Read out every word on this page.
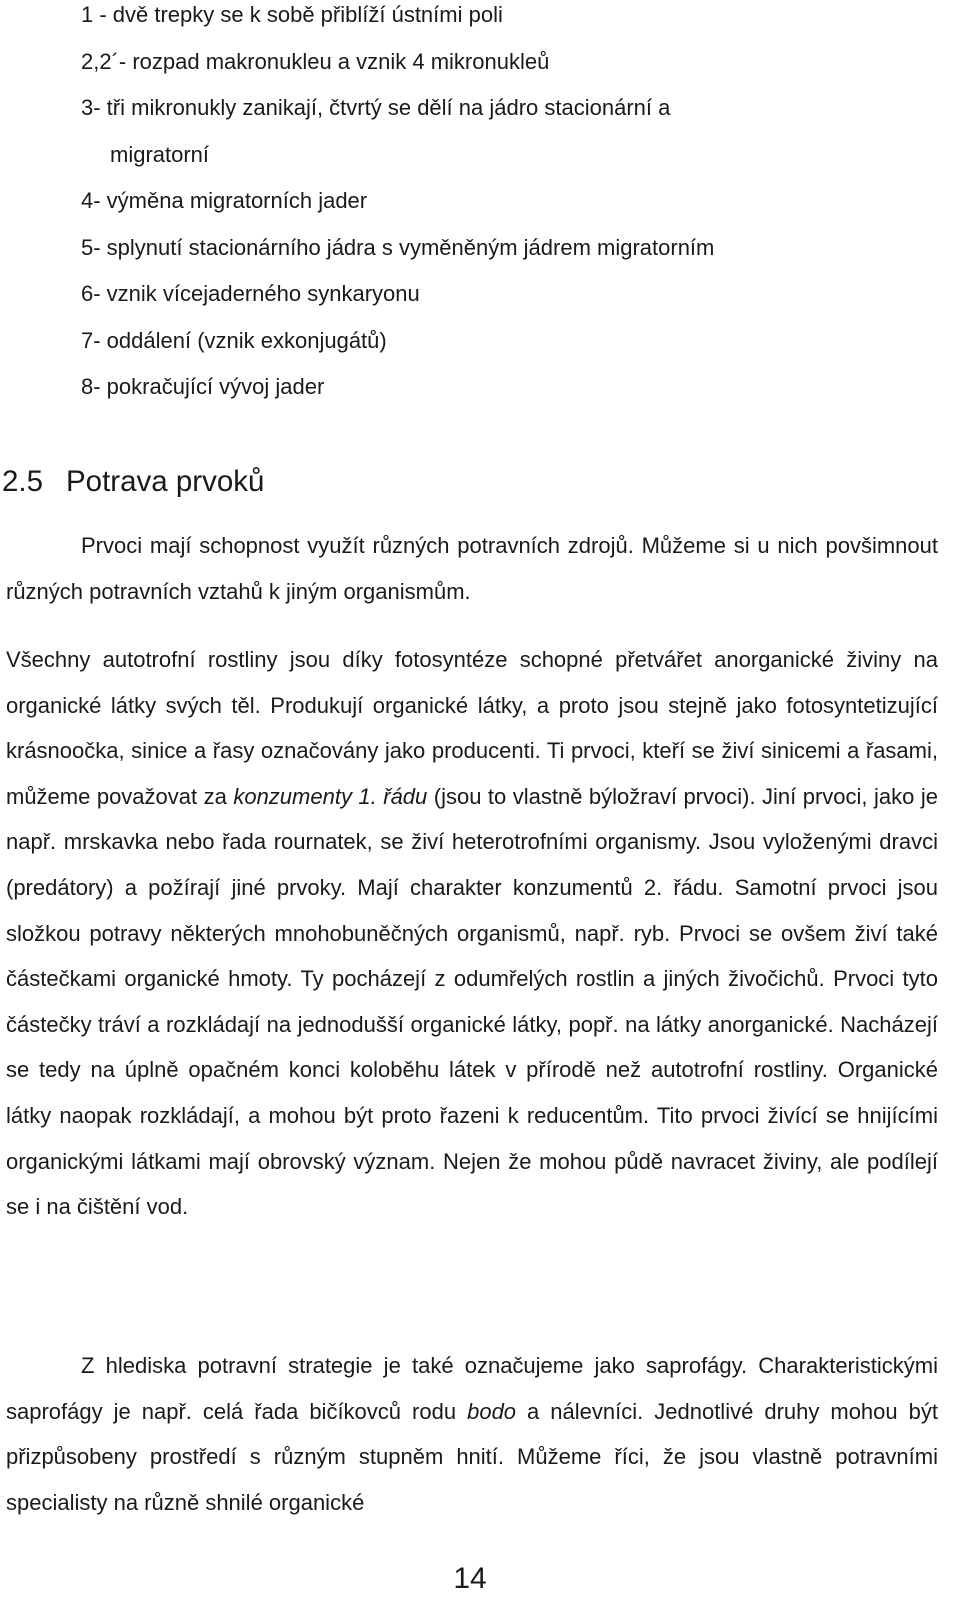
1 - dvě trepky se k sobě přiblíží ústními poli
2,2´- rozpad makronukleu a vznik 4 mikronukleů
3- tři mikronukly zanikají, čtvrtý se dělí na jádro stacionární a
migratorní
4- výměna migratorních jader
5- splynutí stacionárního jádra s vyměněným jádrem migratorním
6- vznik vícejaderného synkaryonu
7- oddálení (vznik exkonjugátů)
8- pokračující vývoj jader
2.5 Potrava prvoků

Prvoci mají schopnost využít různých potravních zdrojů. Můžeme si u nich povšimnout různých potravních vztahů k jiným organismům.

Všechny autotrofní rostliny jsou díky fotosyntéze schopné přetvářet anorganické živiny na organické látky svých těl. Produkují organické látky, a proto jsou stejně jako fotosyntetizující krásnoočka, sinice a řasy označovány jako producenti. Ti prvoci, kteří se živí sinicemi a řasami, můžeme považovat za konzumenty 1. řádu (jsou to vlastně býložraví prvoci). Jiní prvoci, jako je např. mrskavka nebo řada rournatek, se živí heterotrofními organismy. Jsou vyloženými dravci (predátory) a požírají jiné prvoky. Mají charakter konzumentů 2. řádu. Samotní prvoci jsou složkou potravy některých mnohobuněčných organismů, např. ryb. Prvoci se ovšem živí také částečkami organické hmoty. Ty pocházejí z odumřelých rostlin a jiných živočichů. Prvoci tyto částečky tráví a rozkládají na jednodušší organické látky, popř. na látky anorganické. Nacházejí se tedy na úplně opačném konci koloběhu látek v přírodě než autotrofní rostliny. Organické látky naopak rozkládají, a mohou být proto řazeni k reducentům. Tito prvoci živící se hnijícími organickými látkami mají obrovský význam. Nejen že mohou půdě navracet živiny, ale podílejí se i na čištění vod.

Z hlediska potravní strategie je také označujeme jako saprofágy. Charakteristickými saprofágy je např. celá řada bičíkovců rodu bodo a nálevníci. Jednotlivé druhy mohou být přizpůsobeny prostředí s různým stupněm hnití. Můžeme říci, že jsou vlastně potravními specialisty na různě shnilé organické

14
